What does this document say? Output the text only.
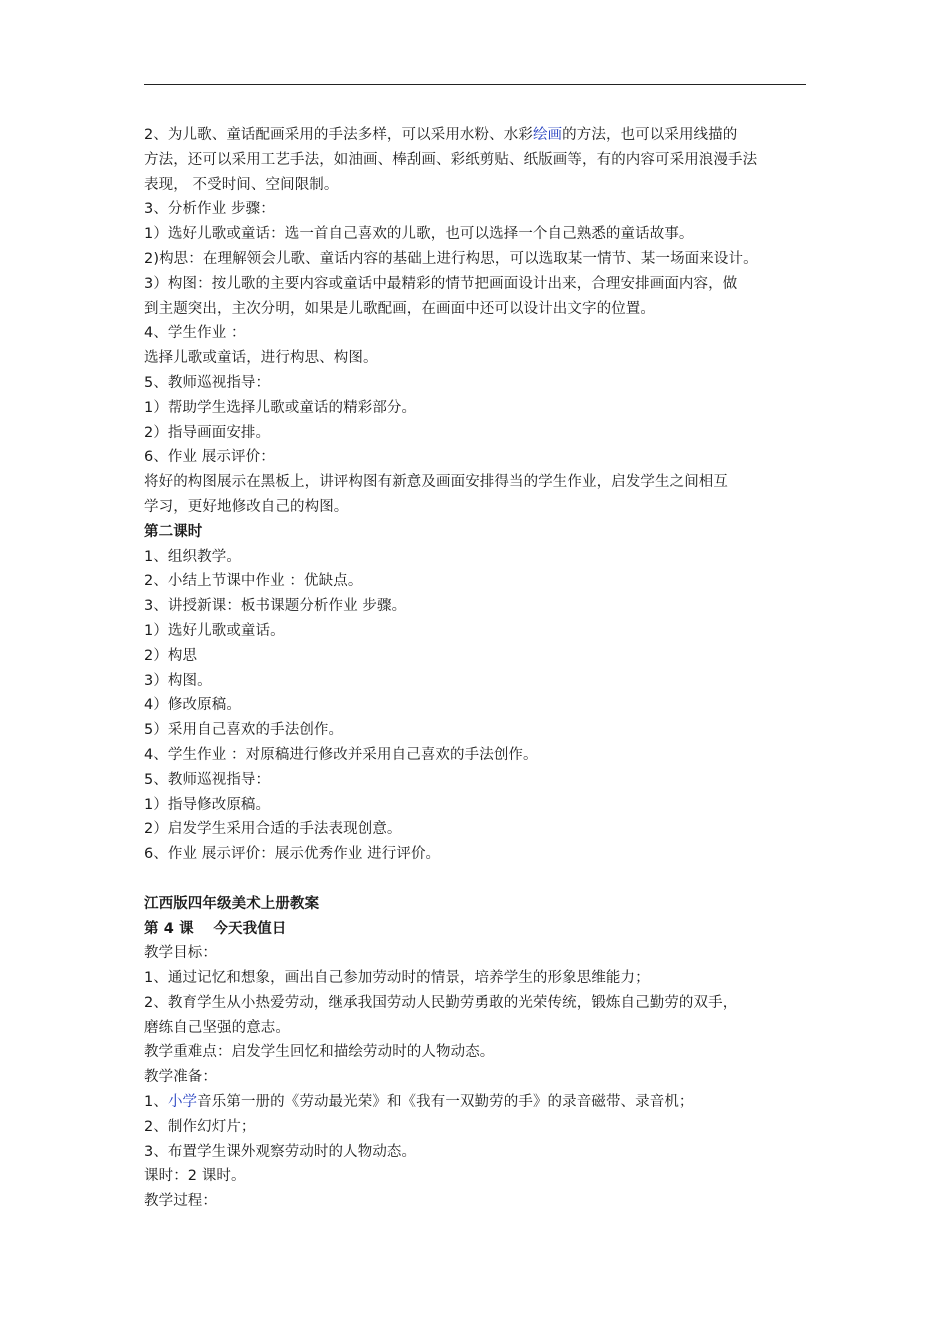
2、为儿歌、童话配画采用的手法多样，可以采用水粉、水彩绘画的方法，也可以采用线描的
方法，还可以采用工艺手法，如油画、棒刮画、彩纸剪贴、纸版画等，有的内容可采用浪漫手法
表现， 不受时间、空间限制。
3、分析作业 步骤：
1）选好儿歌或童话：选一首自己喜欢的儿歌，也可以选择一个自己熟悉的童话故事。
2)构思：在理解领会儿歌、童话内容的基础上进行构思，可以选取某一情节、某一场面来设计。
3）构图：按儿歌的主要内容或童话中最精彩的情节把画面设计出来，合理安排画面内容，做
到主题突出，主次分明，如果是儿歌配画，在画面中还可以设计出文字的位置。
4、学生作业 ：
选择儿歌或童话，进行构思、构图。
5、教师巡视指导：
1）帮助学生选择儿歌或童话的精彩部分。
2）指导画面安排。
6、作业 展示评价：
将好的构图展示在黑板上，讲评构图有新意及画面安排得当的学生作业，启发学生之间相互
学习，更好地修改自己的构图。
第二课时
1、组织教学。
2、小结上节课中作业 ：优缺点。
3、讲授新课：板书课题分析作业 步骤。
1）选好儿歌或童话。
2）构思
3）构图。
4）修改原稿。
5）采用自己喜欢的手法创作。
4、学生作业 ：对原稿进行修改并采用自己喜欢的手法创作。
5、教师巡视指导：
1）指导修改原稿。
2）启发学生采用合适的手法表现创意。
6、作业 展示评价：展示优秀作业 进行评价。
江西版四年级美术上册教案
第 4 课　 今天我值日
教学目标：
1、通过记忆和想象，画出自己参加劳动时的情景，培养学生的形象思维能力；
2、教育学生从小热爱劳动，继承我国劳动人民勤劳勇敢的光荣传统，锻炼自己勤劳的双手，
磨练自己坚强的意志。
教学重难点：启发学生回忆和描绘劳动时的人物动态。
教学准备：
1、小学音乐第一册的《劳动最光荣》和《我有一双勤劳的手》的录音磁带、录音机；
2、制作幻灯片；
3、布置学生课外观察劳动时的人物动态。
课时：2 课时。
教学过程：
